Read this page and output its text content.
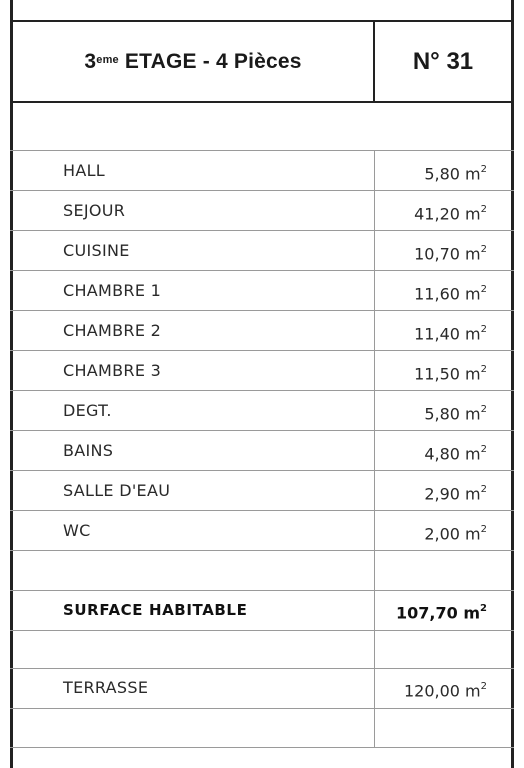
3eme ETAGE - 4 Pièces	N° 31
HALL	5,80 $m^2$
SEJOUR	41,20 $m^2$
CUISINE	10,70 $m^2$
CHAMBRE 1	11,60 $m^2$
CHAMBRE 2	11,40 $m^2$
CHAMBRE 3	11,50 $m^2$
DEGT.	5,80 $m^2$
BAINS	4,80 $m^2$
SALLE D'EAU	2,90 $m^2$
WC	2,00 $m^2$
SURFACE HABITABLE	107,70 $m^2$
TERRASSE	120,00 $m^2$
